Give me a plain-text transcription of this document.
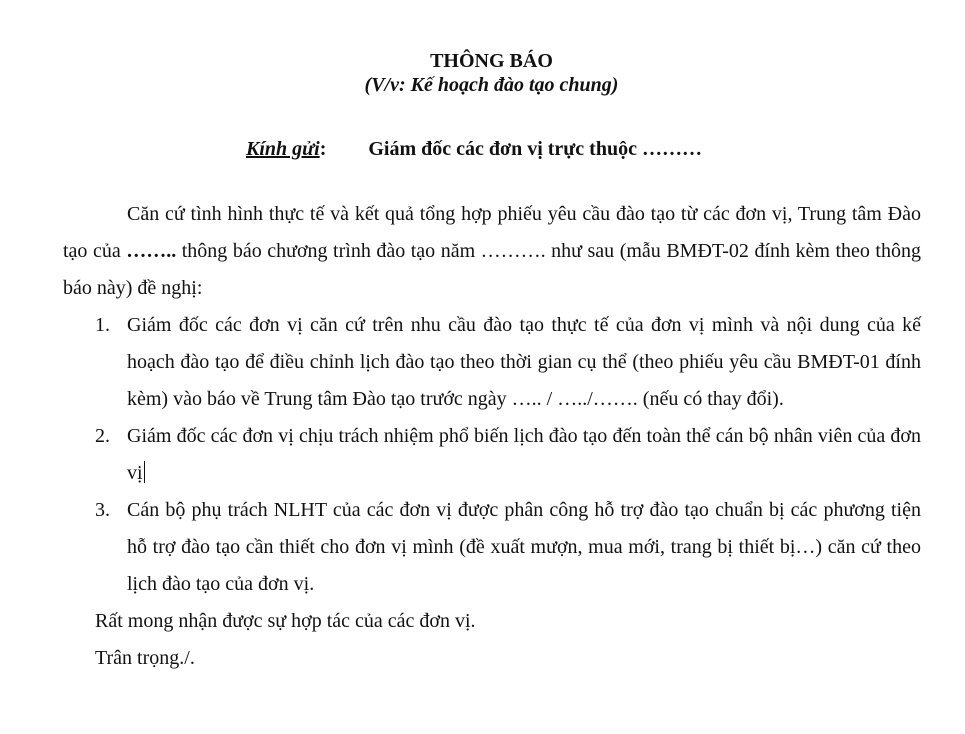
THÔNG BÁO
(V/v: Kế hoạch đào tạo chung)
Kính gửi: Giám đốc các đơn vị trực thuộc ………

Căn cứ tình hình thực tế và kết quả tổng hợp phiếu yêu cầu đào tạo từ các đơn vị, Trung tâm Đào tạo của …….. thông báo chương trình đào tạo năm ………. như sau (mẫu BMĐT-02 đính kèm theo thông báo này) đề nghị:

1. Giám đốc các đơn vị căn cứ trên nhu cầu đào tạo thực tế của đơn vị mình và nội dung của kế hoạch đào tạo để điều chỉnh lịch đào tạo theo thời gian cụ thể (theo phiếu yêu cầu BMĐT-01 đính kèm) vào báo về Trung tâm Đào tạo trước ngày ….. / …../……. (nếu có thay đổi).
2. Giám đốc các đơn vị chịu trách nhiệm phổ biến lịch đào tạo đến toàn thể cán bộ nhân viên của đơn vị
3. Cán bộ phụ trách NLHT của các đơn vị được phân công hỗ trợ đào tạo chuẩn bị các phương tiện hỗ trợ đào tạo cần thiết cho đơn vị mình (đề xuất mượn, mua mới, trang bị thiết bị…) căn cứ theo lịch đào tạo của đơn vị.

Rất mong nhận được sự hợp tác của các đơn vị.

Trân trọng./.
